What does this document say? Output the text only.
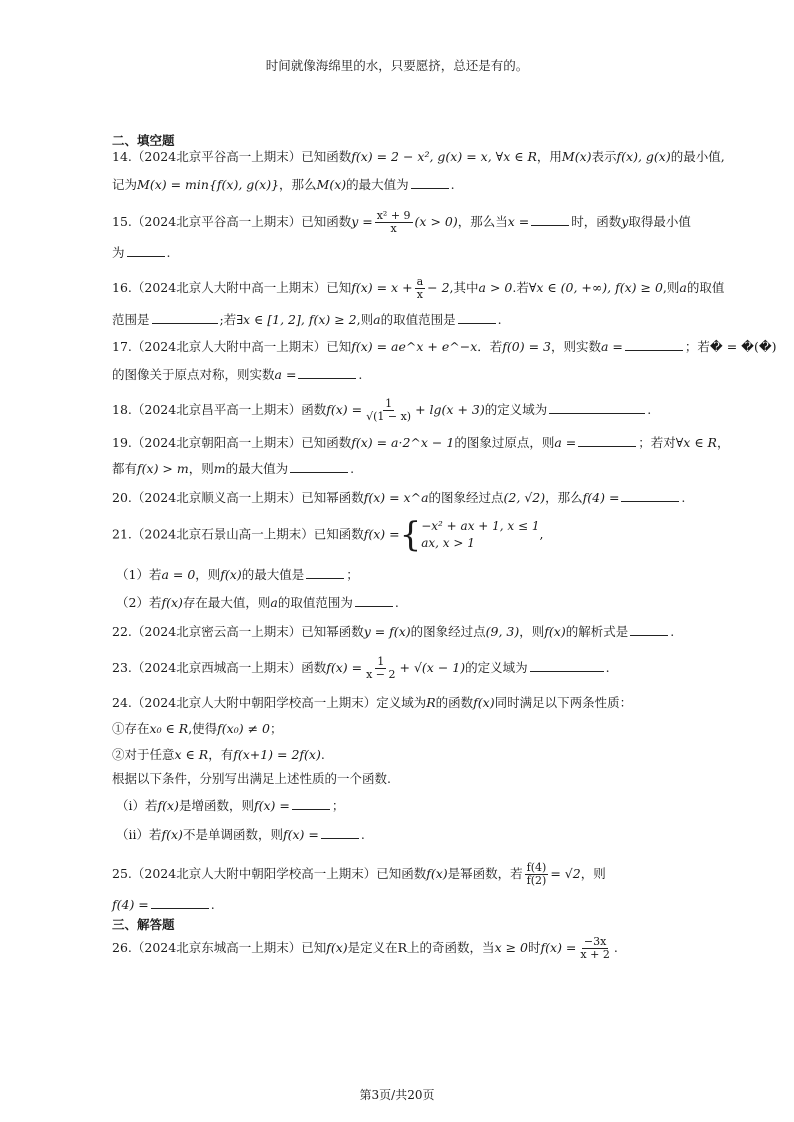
时间就像海绵里的水，只要愿挤，总还是有的。
二、填空题
14.（2024北京平谷高一上期末）已知函数f(x) = 2 − x², g(x) = x, ∀x ∈ R，用M(x)表示f(x), g(x)的最小值,
记为M(x) = min{f(x), g(x)}，那么M(x)的最大值为	.
15.（2024北京平谷高一上期末）已知函数$y = \frac{\text{x² + 9}}{x} (x > 0)$，那么当x =	时，函数y取得最小值
为	.
16.（2024北京人大附中高一上期末）已知$f(x) = x + \frac{a}{x} - 2$,其中a > 0.若∀x ∈ (0, +∞), f(x) ≥ 0,则a的取值
范围是	;若∃x ∈ [1, 2], f(x) ≥ 2,则a的取值范围是	.
17.（2024北京人大附中高一上期末）已知f(x) = ae^x + e^−x．若f(0) = 3，则实数a =	；若� = �(�)
的图像关于原点对称，则实数a =	.
18.（2024北京昌平高一上期末）函数$f(x) = \frac{1}{√(1 - x)} + \lg(x + 3)$的定义域为	.
19.（2024北京朝阳高一上期末）已知函数f(x) = a·2^x − 1的图象过原点，则a =	；若对∀x ∈ R，
都有f(x) > m，则m的最大值为	.
20.（2024北京顺义高一上期末）已知幂函数f(x) = x^a的图象经过点(2, √2)，那么f(4) =	.
21.（2024北京石景山高一上期末）已知函数f(x) = { −x² + ax + 1, x ≤ 1
ax, x > 1
,
（1）若a = 0，则f(x)的最大值是	；
（2）若f(x)存在最大值，则a的取值范围为	.
22.（2024北京密云高一上期末）已知幂函数y = f(x)的图象经过点(9, 3)，则f(x)的解析式是	.
23.（2024北京西城高一上期末）函数$f(x) = \frac{1}{x - 2} + √(x - 1)$的定义域为	.
24.（2024北京人大附中朝阳学校高一上期末）定义域为R的函数f(x)同时满足以下两条性质：
①存在x₀ ∈ R,使得f(x₀) ≠ 0；
②对于任意x ∈ R，有f(x+1) = 2f(x).
根据以下条件，分别写出满足上述性质的一个函数.
（i）若f(x)是增函数，则f(x) =	；
（ii）若f(x)不是单调函数，则f(x) =	.
25.（2024北京人大附中朝阳学校高一上期末）已知函数f(x)是幂函数，若 $\frac{f(4)}{f(2)} = √2$，则
f(4) =	.
三、解答题
26.（2024北京东城高一上期末）已知f(x)是定义在R上的奇函数，当x ≥ 0时$f(x) = \frac{-3x}{x + 2}$ .
第3页/共20页
